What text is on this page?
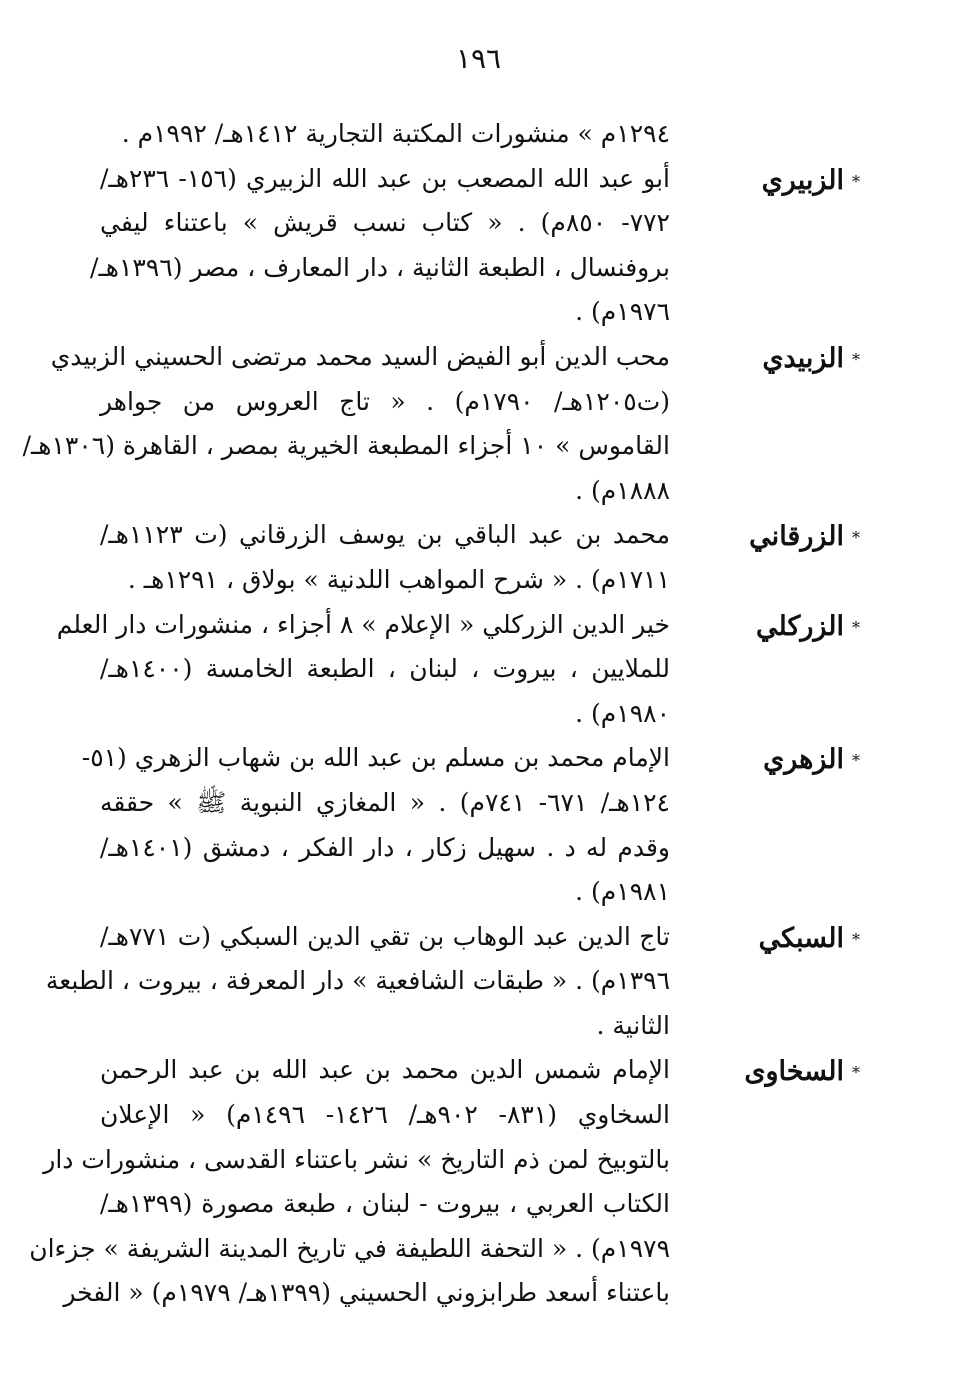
١٩٦
١٢٩٤م » منشورات المكتبة التجارية ١٤١٢هـ/ ١٩٩٢م .
*الزبيري
أبو عبد الله المصعب بن عبد الله الزبيري (١٥٦- ٢٣٦هـ/
٧٧٢- ٨٥٠م) . « كتاب نسب قريش » باعتناء ليفي
بروفنسال ، الطبعة الثانية ، دار المعارف ، مصر (١٣٩٦هـ/
١٩٧٦م) .
*الزبيدي
محب الدين أبو الفيض السيد محمد مرتضى الحسيني الزبيدي
(ت١٢٠٥هـ/ ١٧٩٠م) . « تاج العروس من جواهر
القاموس » ١٠ أجزاء المطبعة الخيرية بمصر ، القاهرة (١٣٠٦هـ/
١٨٨٨م) .
*الزرقاني
محمد بن عبد الباقي بن يوسف الزرقاني (ت ١١٢٣هـ/
١٧١١م) . « شرح المواهب اللدنية » بولاق ، ١٢٩١هـ .
*الزركلي
خير الدين الزركلي « الإعلام » ٨ أجزاء ، منشورات دار العلم
للملايين ، بيروت ، لبنان ، الطبعة الخامسة (١٤٠٠هـ/
١٩٨٠م) .
*الزهري
الإمام محمد بن مسلم بن عبد الله بن شهاب الزهري (٥١-
١٢٤هـ/ ٦٧١- ٧٤١م) . « المغازي النبوية ﷺ » حققه
وقدم له د . سهيل زكار ، دار الفكر ، دمشق (١٤٠١هـ/
١٩٨١م) .
*السبكي
تاج الدين عبد الوهاب بن تقي الدين السبكي (ت ٧٧١هـ/
١٣٩٦م) . « طبقات الشافعية » دار المعرفة ، بيروت ، الطبعة
الثانية .
*السخاوى
الإمام شمس الدين محمد بن عبد الله بن عبد الرحمن
السخاوي (٨٣١- ٩٠٢هـ/ ١٤٢٦- ١٤٩٦م) « الإعلان
بالتوبيخ لمن ذم التاريخ » نشر باعتناء القدسى ، منشورات دار
الكتاب العربي ، بيروت - لبنان ، طبعة مصورة (١٣٩٩هـ/
١٩٧٩م) . « التحفة اللطيفة في تاريخ المدينة الشريفة » جزءان
باعتناء أسعد طرابزوني الحسيني (١٣٩٩هـ/ ١٩٧٩م) « الفخر
